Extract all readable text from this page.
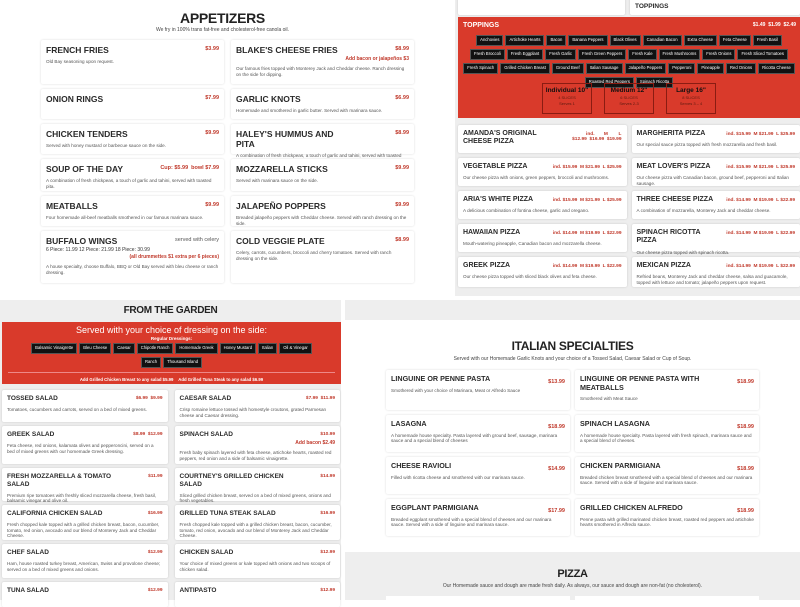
APPETIZERS
We fry in 100% trans fat-free and cholesterol-free canola oil.
FRENCH FRIES	$3.99
Old Bay seasoning upon request.
BLAKE'S CHEESE FRIES	$8.99
Add bacon or jalapeños $3
Our famous fries topped with Monterey Jack and Cheddar cheese. Ranch dressing on the side for dipping.
ONION RINGS	$7.99 GARLIC KNOTS	$6.99
Homemade and smothered in garlic butter. Served with marinara sauce.
CHICKEN TENDERS	$9.99
Served with honey mustard or barbecue sauce on the side.
HALEY'S HUMMUS AND PITA
$8.99
A combination of fresh chickpeas, a touch of garlic and tahini, served with toasted
SOUP OF THE DAY	Cup: $5.99  bowl $7.99
A combination of fresh chickpeas, a touch of garlic and tahini, served with toasted pita.
MOZZARELLA STICKS	$9.99
Served with marinara sauce on the side.
MEATBALLS	$9.99
Four homemade all-beef meatballs smothered in our famous marinara sauce.
JALAPEÑO POPPERS	$9.99
Breaded jalapeño peppers with Cheddar cheese. Served with ranch dressing on the side.
BUFFALO WINGS	served with celery
6 Piece: 11.99 12 Piece: 21.99 18 Piece: 30.99
(all drummettes $1 extra per 6 pieces)
A house specialty, choose Buffalo, BBQ or Old Bay served with bleu cheese or ranch dressing.
COLD VEGGIE PLATE	$8.99
Celery, carrots, cucumbers, broccoli and cherry tomatoes. Served with ranch dressing on the side.
TOPPINGS
TOPPINGS	$1.49  $1.99  $2.49
Anchovies Artichoke Hearts Bacon Banana Peppers Black Olives Canadian Bacon Extra Cheese Feta Cheese Fresh BasilFresh Broccoli Fresh Eggplant Fresh Garlic Fresh Green Peppers Fresh Kale Fresh Mushrooms Fresh Onions Fresh Sliced TomatoesFresh Spinach Grilled Chicken Breast Ground Beef Italian Sausage Jalapeño Peppers Pepperoni Pineapple Red Onions Ricotta CheeseRoasted Red Peppers Spinach Ricotta
Individual 10"
4 SLICES
Serves 1
Medium 12"
6 SLICES
Serves 2-3
Large 16"
8 SLICES
Serves 3 – 4
AMANDA'S ORIGINAL CHEESE PIZZA
ind.       M        L
$12.99  $16.99  $19.99
MARGHERITA PIZZA	ind. $15.99  M $21.99  L $25.99
Our special sauce pizza topped with fresh mozzarella and fresh basil.
VEGETABLE PIZZA	ind. $15.99  M $21.99  L $25.99
Our cheese pizza with onions, green peppers, broccoli and mushrooms.
MEAT LOVER'S PIZZA	ind. $15.99  M $21.99  L $25.99
Our cheese pizza with Canadian bacon, ground beef, pepperoni and Italian sausage.
ARIA'S WHITE PIZZA	ind. $15.99  M $21.99  L $25.99
A delicious combination of fontina cheese, garlic and oregano.
THREE CHEESE PIZZA	ind. $14.99  M $19.99  L $22.99
A combination of mozzarella, Monterey Jack and cheddar cheese.
HAWAIIAN PIZZA	ind. $14.99  M $19.99  L $22.99
Mouth-watering pineapple, Canadian bacon and mozzarella cheese.
SPINACH RICOTTA PIZZA
ind. $14.99  M $19.99  L $22.99
Our cheese pizza topped with spinach ricotta.
GREEK PIZZA	ind. $14.99  M $19.99  L $22.99
Our cheese pizza topped with sliced black olives and feta cheese.
MEXICAN PIZZA	ind. $14.99  M $19.99  L $22.99
Refried beans, Monterey Jack and cheddar cheese, salsa and guacamole, topped with lettuce and tomato; jalapeño peppers upon request.
FROM THE GARDEN
Served with your choice of dressing on the side:
Regular Dressings:
Balsamic Vinaigrette Bleu Cheese Caesar Chipotle Ranch Homemade Greek Honey Mustard Italian Oil & VinegarRanch Thousand Island
Add Grilled Chicken Breast to any salad $5.99 Add Grilled Tuna Steak to any salad $6.99
TOSSED SALAD	$6.99  $9.99
Tomatoes, cucumbers and carrots, served on a bed of mixed greens.
CAESAR SALAD	$7.99  $11.99
Crisp romaine lettuce tossed with homestyle croutons, grated Parmesan cheese and Caesar dressing.
GREEK SALAD	$8.99  $12.99
Feta cheese, red onions, kalamata olives and pepperoncini, served on a bed of mixed greens with our homemade Greek dressing.
SPINACH SALAD	$10.99
Add bacon $2.49
Fresh baby spinach layered with feta cheese, artichoke hearts, roasted red peppers, red onion and a side of balsamic vinaigrette.
FRESH MOZZARELLA & TOMATO SALAD
$11.99
Premium ripe tomatoes with freshly sliced mozzarella cheese, fresh basil, balsamic vinegar and olive oil.
COURTNEY'S GRILLED CHICKEN SALAD
$14.99
Sliced grilled chicken breast, served on a bed of mixed greens, onions and fresh vegetables.
CALIFORNIA CHICKEN SALAD	$16.99
Fresh chopped kale topped with a grilled chicken breast, bacon, cucumber, tomato, red onion, avocado and our blend of Monterey Jack and Cheddar Cheese.
GRILLED TUNA STEAK SALAD	$16.99
Fresh chopped kale topped with a grilled chicken breast, bacon, cucumber, tomato, red onion, avocado and our blend of Monterey Jack and Cheddar Cheese.
CHEF SALAD	$12.99
Ham, house roasted turkey breast, American, Swiss and provolone cheese; served on a bed of mixed greens and onions.
CHICKEN SALAD	$12.99
Your choice of mixed greens or kale topped with onions and two scoops of chicken salad.
TUNA SALAD	$12.99	ANTIPASTO	$12.99
ITALIAN SPECIALTIES
Served with our Homemade Garlic Knots and your choice of a Tossed Salad, Caesar Salad or Cup of Soup.
LINGUINE OR PENNE PASTA	$13.99
Smothered with your choice of Marinara, Meat or Alfredo Sauce
LINGUINE OR PENNE PASTA WITH MEATBALLS
$18.99
Smothered with Meat Sauce
LASAGNA	$18.99
A homemade house specialty. Pasta layered with ground beef, sausage, marinara sauce and a special blend of cheeses
SPINACH LASAGNA	$18.99
A homemade house specialty. Pasta layered with fresh spinach, marinara sauce and a special blend of cheeses.
CHEESE RAVIOLI	$14.99
Filled with ricotta cheese and smothered with our marinara sauce.
CHICKEN PARMIGIANA	$18.99
Breaded chicken breast smothered with a special blend of cheeses and our marinara sauce. Served with a side of linguine and marinara sauce.
EGGPLANT PARMIGIANA	$17.99
Breaded eggplant smothered with a special blend of cheeses and our marinara sauce. Served with a side of linguine and marinara sauce.
GRILLED CHICKEN ALFREDO	$18.99
Penne pasta with grilled marinated chicken breast, roasted red peppers and artichoke hearts smothered in Alfredo sauce.
PIZZA
Our Homemade sauce and dough are made fresh daily. As always, our sauce and dough are non-fat (no cholesterol).
